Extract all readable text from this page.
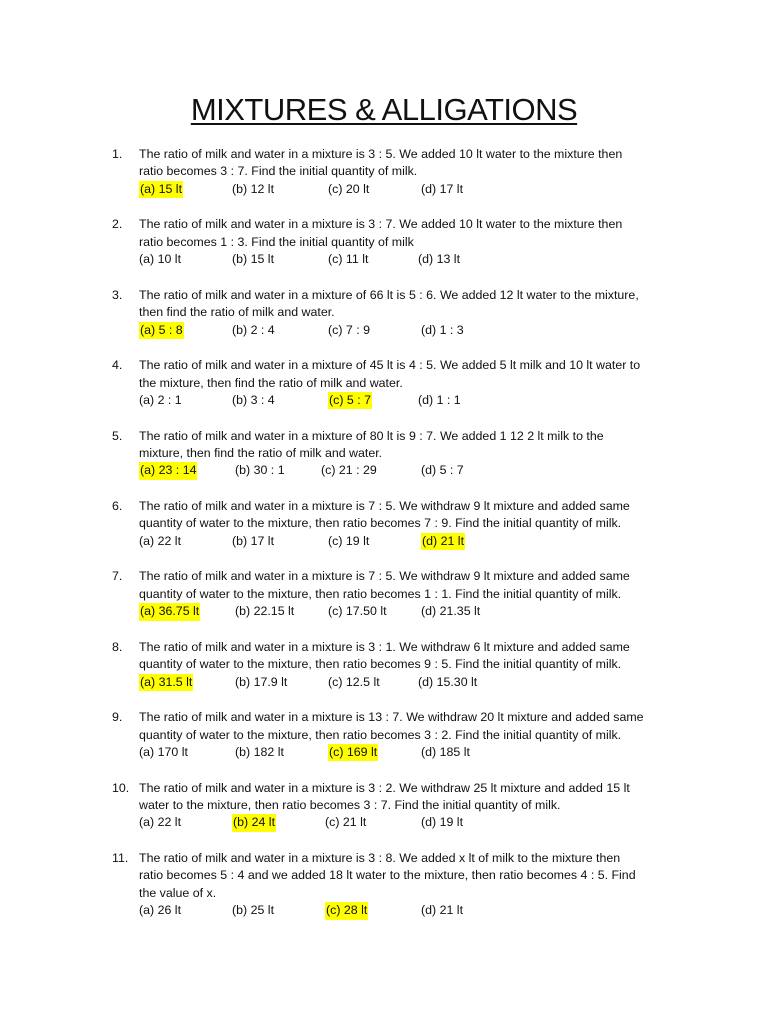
MIXTURES & ALLIGATIONS
1.	The ratio of milk and water in a mixture is 3 : 5. We added 10 lt water to the mixture then
ratio becomes 3 : 7. Find the initial quantity of milk.
(a) 15 lt	(b) 12 lt	(c) 20 lt	(d) 17 lt
2.	The ratio of milk and water in a mixture is 3 : 7. We added 10 lt water to the mixture then
ratio becomes 1 : 3. Find the initial quantity of milk
(a) 10 lt	(b) 15 lt	(c) 11 lt	(d) 13 lt
3.	The ratio of milk and water in a mixture of 66 lt is 5 : 6. We added 12 lt water to the mixture,
then find the ratio of milk and water.
(a) 5 : 8	(b) 2 : 4	(c) 7 : 9	(d) 1 : 3
4.	The ratio of milk and water in a mixture of 45 lt is 4 : 5. We added 5 lt milk and 10 lt water to
the mixture, then find the ratio of milk and water.
(a) 2 : 1	(b) 3 : 4	(c) 5 : 7	(d) 1 : 1
5.	The ratio of milk and water in a mixture of 80 lt is 9 : 7. We added 1 12 2 lt milk to the
mixture, then find the ratio of milk and water.
(a) 23 : 14	(b) 30 : 1	(c) 21 : 29	(d) 5 : 7
6.	The ratio of milk and water in a mixture is 7 : 5. We withdraw 9 lt mixture and added same
quantity of water to the mixture, then ratio becomes 7 : 9. Find the initial quantity of milk.
(a) 22 lt	(b) 17 lt	(c) 19 lt	(d) 21 lt
7.	The ratio of milk and water in a mixture is 7 : 5. We withdraw 9 lt mixture and added same
quantity of water to the mixture, then ratio becomes 1 : 1. Find the initial quantity of milk.
(a) 36.75 lt	(b) 22.15 lt	(c) 17.50 lt	(d) 21.35 lt
8.	The ratio of milk and water in a mixture is 3 : 1. We withdraw 6 lt mixture and added same
quantity of water to the mixture, then ratio becomes 9 : 5. Find the initial quantity of milk.
(a) 31.5 lt	(b) 17.9 lt	(c) 12.5 lt	(d) 15.30 lt
9.	The ratio of milk and water in a mixture is 13 : 7. We withdraw 20 lt mixture and added same
quantity of water to the mixture, then ratio becomes 3 : 2. Find the initial quantity of milk.
(a) 170 lt	(b) 182 lt	(c) 169 lt	(d) 185 lt
10. The ratio of milk and water in a mixture is 3 : 2. We withdraw 25 lt mixture and added 15 lt
water to the mixture, then ratio becomes 3 : 7. Find the initial quantity of milk.
(a) 22 lt	(b) 24 lt	(c) 21 lt	(d) 19 lt
11. The ratio of milk and water in a mixture is 3 : 8. We added x lt of milk to the mixture then
ratio becomes 5 : 4 and we added 18 lt water to the mixture, then ratio becomes 4 : 5. Find
the value of x.
(a) 26 lt	(b) 25 lt	(c) 28 lt	(d) 21 lt
